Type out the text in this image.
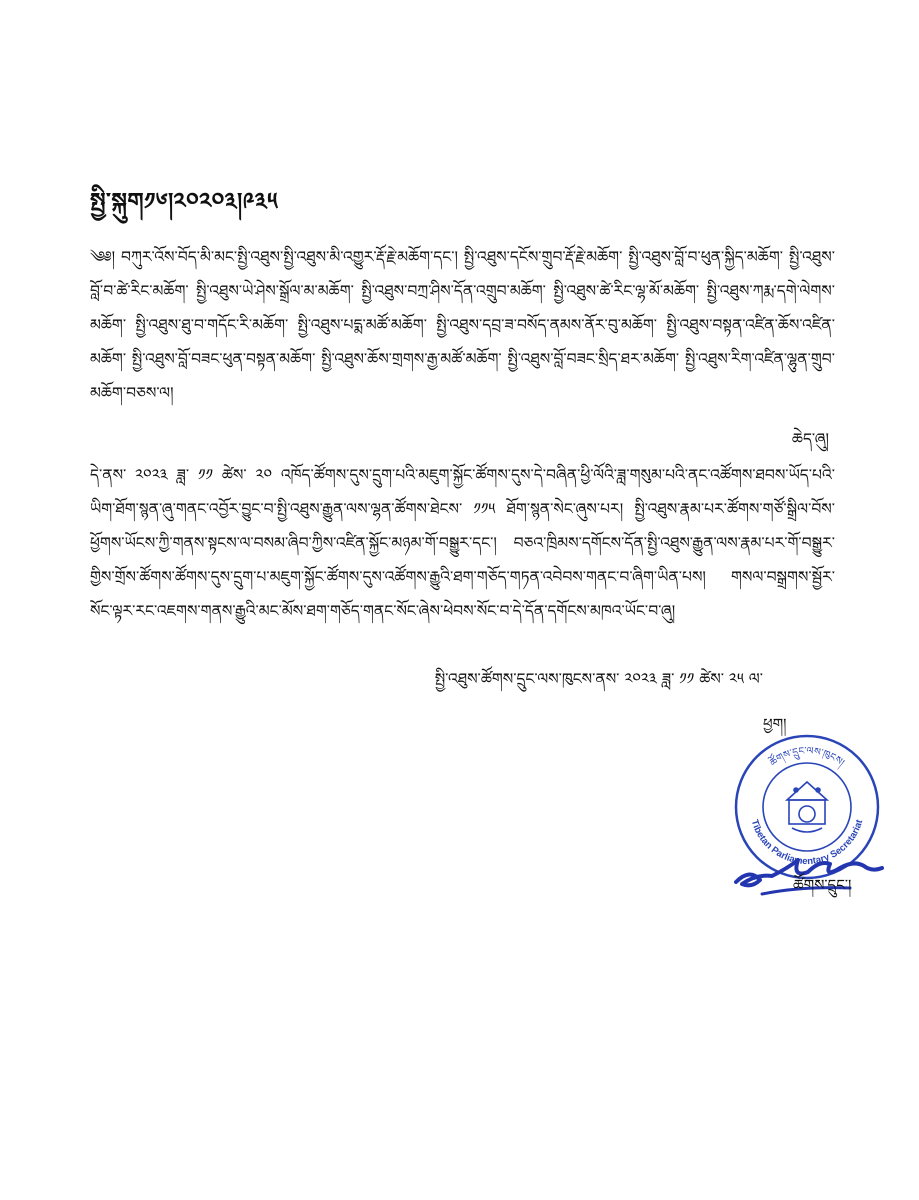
སྤྱི་སྐུག༡༦།༢༠༢༠༣།༩༣༥
༄༅། བཀུར་འོས་བོད་མི་མང་སྤྱི་འཐུས་སྤྱི་འཐུས་མི་འགྱུར་རྡོ་རྗེ་མཆོག་དང་། སྤྱི་འཐུས་དངོས་གྲུབ་རྡོ་རྗེ་མཆོག་ སྤྱི་འཐུས་བློ་བ་ཕུན་སྐྱིད་མཆོག་ སྤྱི་འཐུས་བློ་བ་ཚེ་རིང་མཆོག་ སྤྱི་འཐུས་ཡེ་ཤེས་སྒྲོལ་མ་མཆོག་ སྤྱི་འཐུས་བཀྲ་ཤིས་དོན་འགྲུབ་མཆོག་ སྤྱི་འཐུས་ཚེ་རིང་ལྷ་མོ་མཆོག་ སྤྱི་འཐུས་ཀརྨ་དགེ་ལེགས་མཆོག་ སྤྱི་འཐུས་ཐུ་བ་གདོང་རི་མཆོག་ སྤྱི་འཐུས་པདྨ་མཚོ་མཆོག་ སྤྱི་འཐུས་དབྲ་ཟ་བསོད་ནམས་ནོར་བུ་མཆོག་ སྤྱི་འཐུས་བསྟན་འཛིན་ཆོས་འཛིན་མཆོག་ སྤྱི་འཐུས་བློ་བཟང་ཕུན་བསྟན་མཆོག་ སྤྱི་འཐུས་ཆོས་གྲགས་རྒྱ་མཚོ་མཆོག་ སྤྱི་འཐུས་བློ་བཟང་སྲིད་ཐར་མཆོག་ སྤྱི་འཐུས་རིག་འཛིན་ལྷུན་གྲུབ་མཆོག་བཅས་ལ།
ཆེད་ཞུ།
དེ་ནས་ ༢༠༢༣ ཟླ་ ༡༡ ཚེས་ ༢༠ འཁོད་ཚོགས་དུས་དྲུག་པའི་མཇུག་སྐྱོང་ཚོགས་དུས་དེ་བཞིན་ཕྱི་ལོའི་ཟླ་གསུམ་པའི་ནང་འཚོགས་ཐབས་ཡོད་པའི་ཡིག་ཐོག་སྙན་ཞུ་གནང་འབྱོར་བྱུང་བ་སྤྱི་འཐུས་རྒྱུན་ལས་ལྷན་ཚོགས་ཐེངས་ ༡༡༥ ཐོག་སྙན་སེང་ཞུས་པར། སྤྱི་འཐུས་རྣམ་པར་ཚོགས་གཙོ་སྒྲིལ་བོས་ཕྱོགས་ཡོངས་ཀྱི་གནས་སྟངས་ལ་བསམ་ཞིབ་ཀྱིས་འཛིན་སྐྱོང་མཉམ་གོ་བསྒྱུར་དང་། བཅའ་ཁྲིམས་དགོངས་དོན་སྤྱི་འཐུས་རྒྱུན་ལས་རྣམ་པར་གོ་བསྒྱུར་གྱིས་གྲོས་ཚོགས་ཚོགས་དུས་དྲུག་པ་མཇུག་སྐྱོང་ཚོགས་དུས་འཚོགས་རྒྱུའི་ཐག་གཅོད་གཏན་འབེབས་གནང་བ་ཞིག་ཡིན་པས། གསལ་བསྒྲགས་སྦྱོར་སོང་ལྟར་རང་འཇགས་གནས་རྒྱུའི་མང་མོས་ཐག་གཅོད་གནང་སོང་ཞེས་ཕེབས་སོང་བ་དེ་དོན་དགོངས་མཁའ་ཡོང་བ་ཞུ།
སྤྱི་འཐུས་ཚོགས་དྲུང་ལས་ཁུངས་ནས་ ༢༠༢༣ ཟླ་ ༡༡ ཚེས་ ༢༥ ལ་
ཕྱག།
ཚོགས་དྲུང་ལས་ཁུངས།
Tibetan Parliamentary Secretariat
ཚོགས་དྲུང་།
